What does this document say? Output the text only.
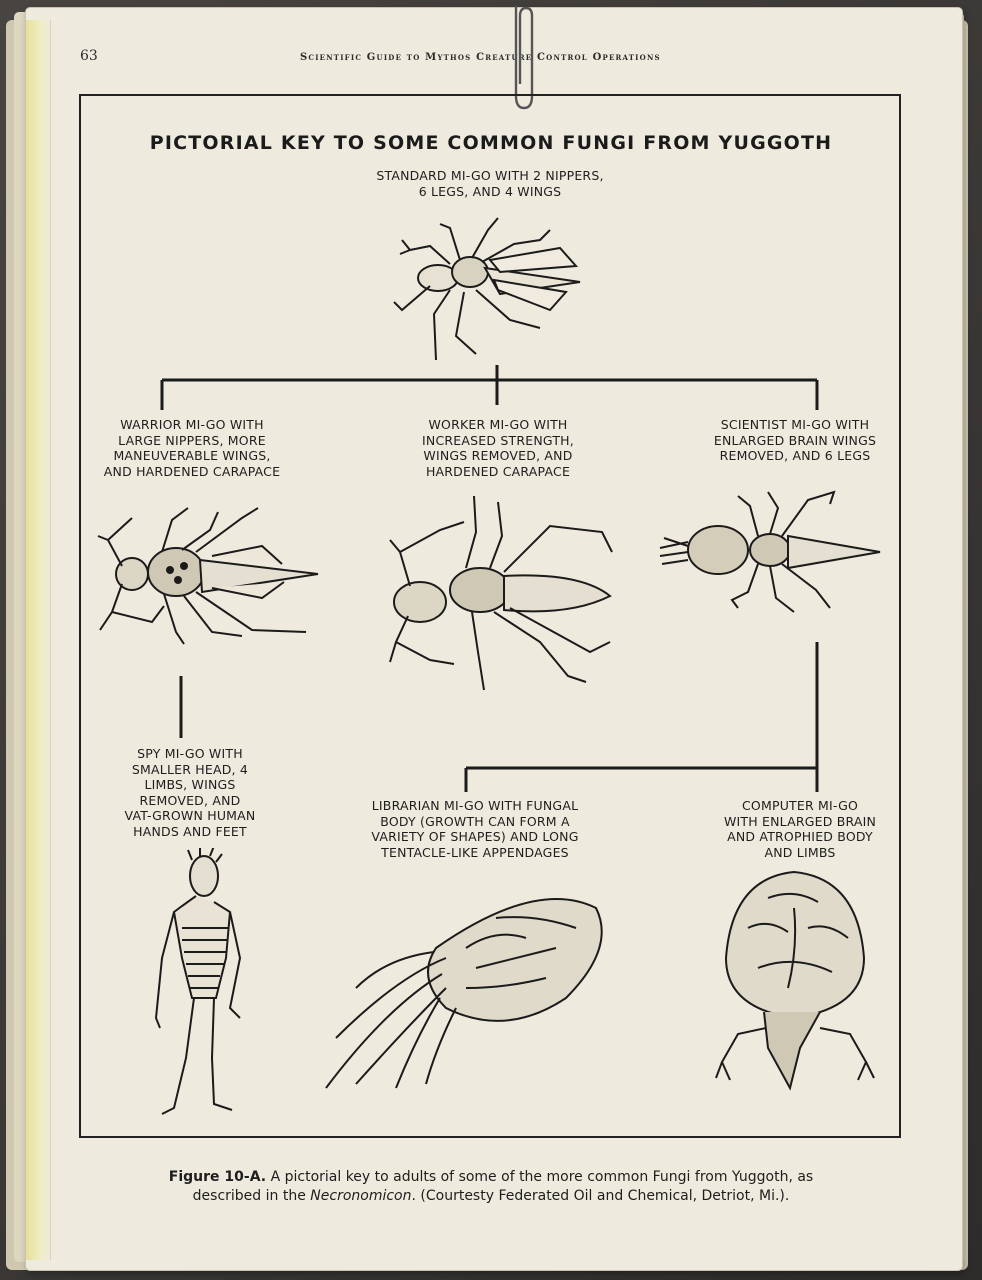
63	Scientific Guide to Mythos Creature Control Operations
PICTORIAL KEY TO SOME COMMON FUNGI FROM YUGGOTH
STANDARD MI-GO WITH 2 NIPPERS,
6 LEGS, AND 4 WINGS
WARRIOR MI-GO WITH
LARGE NIPPERS, MORE
MANEUVERABLE WINGS,
AND HARDENED CARAPACE
WORKER MI-GO WITH
INCREASED STRENGTH,
WINGS REMOVED, AND
HARDENED CARAPACE
SCIENTIST MI-GO WITH
ENLARGED BRAIN WINGS
REMOVED, AND 6 LEGS
SPY MI-GO WITH
SMALLER HEAD, 4
LIMBS, WINGS
REMOVED, AND
VAT-GROWN HUMAN
HANDS AND FEET
LIBRARIAN MI-GO WITH FUNGAL
BODY (GROWTH CAN FORM A
VARIETY OF SHAPES) AND LONG
TENTACLE-LIKE APPENDAGES
COMPUTER MI-GO
WITH ENLARGED BRAIN
AND ATROPHIED BODY
AND LIMBS
Figure 10-A. A pictorial key to adults of some of the more common Fungi from Yuggoth, as
described in the Necronomicon. (Courtesty Federated Oil and Chemical, Detriot, Mi.).
